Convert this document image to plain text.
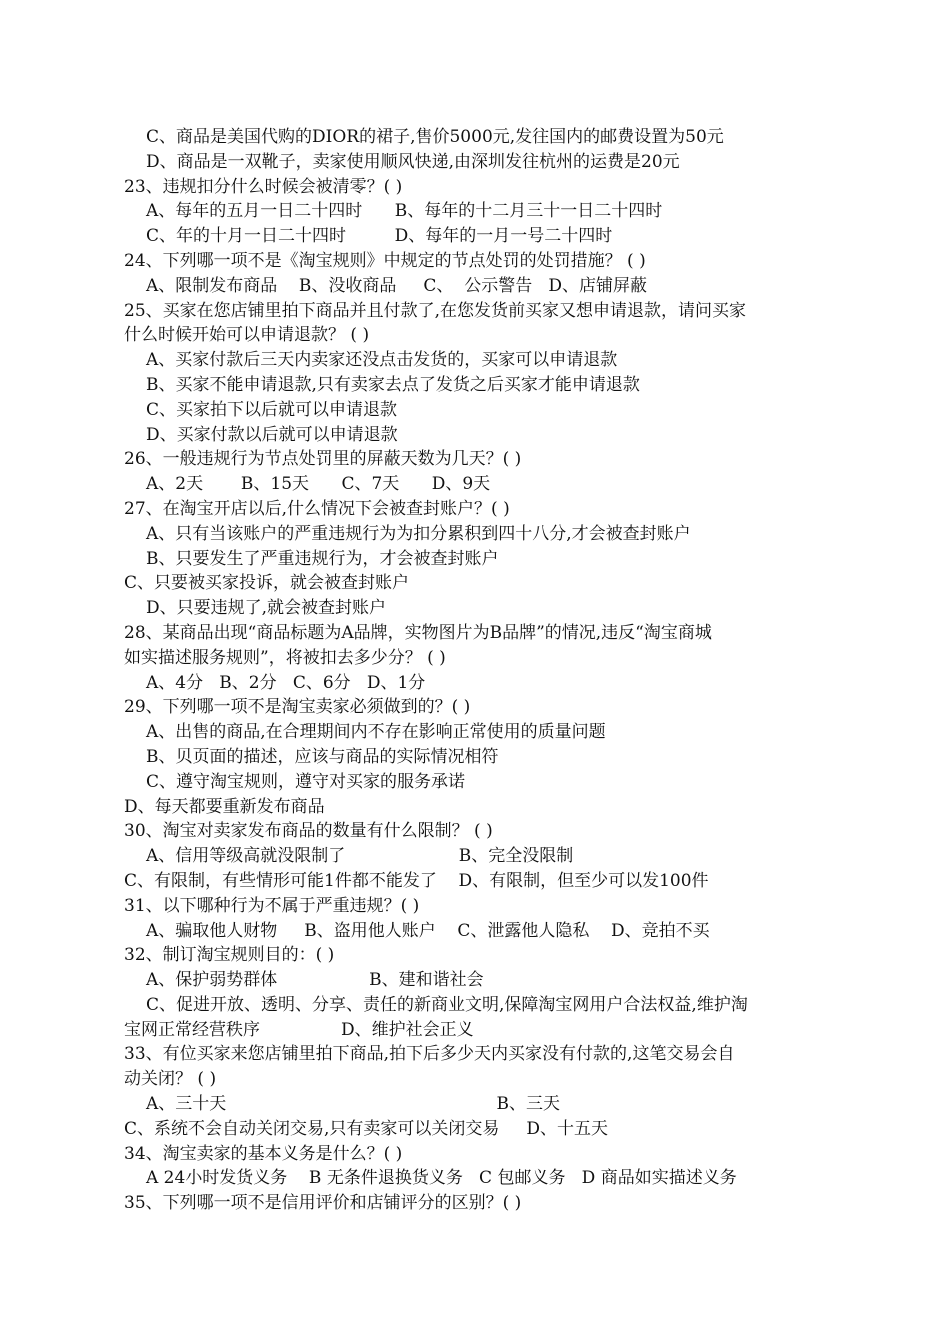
C、商品是美国代购的DIOR的裙子,售价5000元,发往国内的邮费设置为50元
D、商品是一双靴子，卖家使用顺风快递,由深圳发往杭州的运费是20元
23、违规扣分什么时候会被清零？( )
A、每年的五月一日二十四时      B、每年的十二月三十一日二十四时
C、年的十月一日二十四时         D、每年的一月一号二十四时
24、下列哪一项不是《淘宝规则》中规定的节点处罚的处罚措施？ ( )
A、限制发布商品    B、没收商品     C、  公示警告   D、店铺屏蔽
25、买家在您店铺里拍下商品并且付款了,在您发货前买家又想申请退款，请问买家
什么时候开始可以申请退款？ ( )
A、买家付款后三天内卖家还没点击发货的，买家可以申请退款
B、买家不能申请退款,只有卖家去点了发货之后买家才能申请退款
C、买家拍下以后就可以申请退款
D、买家付款以后就可以申请退款
26、一般违规行为节点处罚里的屏蔽天数为几天？( )
A、2天       B、15天      C、7天      D、9天
27、在淘宝开店以后,什么情况下会被查封账户？( )
A、只有当该账户的严重违规行为为扣分累积到四十八分,才会被查封账户
B、只要发生了严重违规行为，才会被查封账户
C、只要被买家投诉，就会被查封账户
D、只要违规了,就会被查封账户
28、某商品出现“商品标题为A品牌，实物图片为B品牌”的情况,违反“淘宝商城
如实描述服务规则”，将被扣去多少分？ ( )
A、4分   B、2分   C、6分   D、1分
29、下列哪一项不是淘宝卖家必须做到的？( )
A、出售的商品,在合理期间内不存在影响正常使用的质量问题
B、贝页面的描述，应该与商品的实际情况相符
C、遵守淘宝规则，遵守对买家的服务承诺
D、每天都要重新发布商品
30、淘宝对卖家发布商品的数量有什么限制？ ( )
A、信用等级高就没限制了                     B、完全没限制
C、有限制，有些情形可能1件都不能发了    D、有限制，但至少可以发100件
31、以下哪种行为不属于严重违规？( )
A、骗取他人财物     B、盗用他人账户    C、泄露他人隐私    D、竞拍不买
32、制订淘宝规则目的：( )
A、保护弱势群体                 B、建和谐社会
C、促进开放、透明、分享、责任的新商业文明,保障淘宝网用户合法权益,维护淘
宝网正常经营秩序               D、维护社会正义
33、有位买家来您店铺里拍下商品,拍下后多少天内买家没有付款的,这笔交易会自
动关闭？ ( )
A、三十天                                                  B、三天
C、系统不会自动关闭交易,只有卖家可以关闭交易     D、十五天
34、淘宝卖家的基本义务是什么？( )
A 24小时发货义务    B 无条件退换货义务   C 包邮义务   D 商品如实描述义务
35、下列哪一项不是信用评价和店铺评分的区别？( )
